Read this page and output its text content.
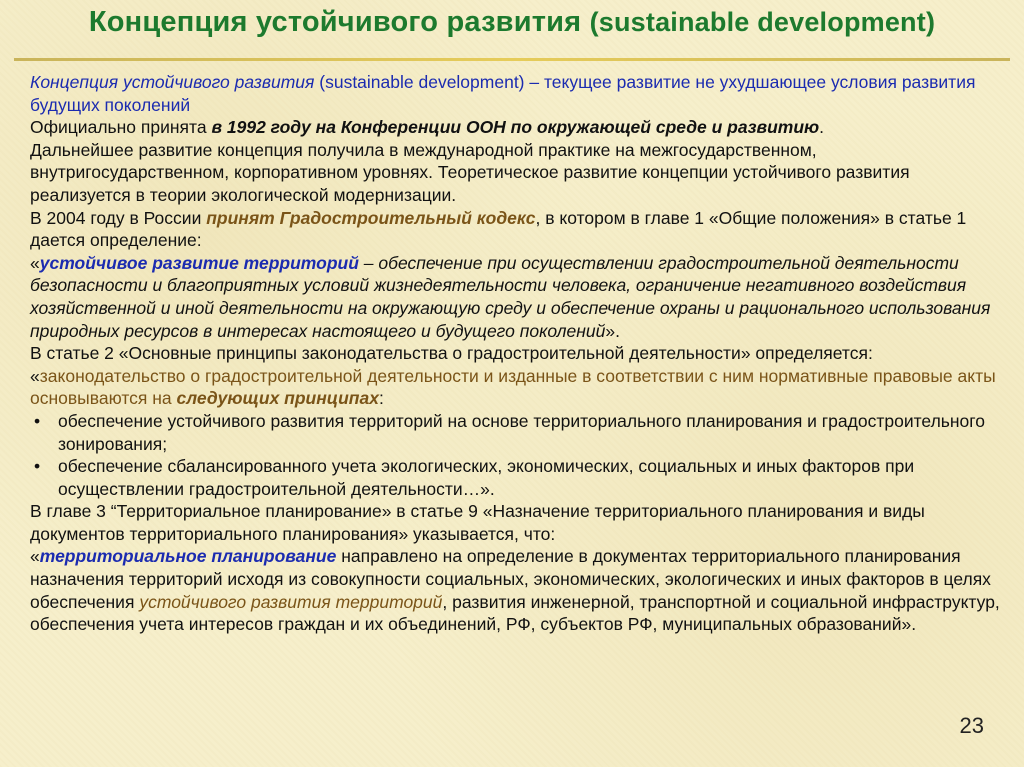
Концепция устойчивого развития (sustainable development)

Концепция устойчивого развития (sustainable development) – текущее развитие не ухудшающее условия развития будущих поколений

Официально принята в 1992 году на Конференции ООН по окружающей среде и развитию.

Дальнейшее развитие концепция получила в международной практике на межгосударственном, внутригосударственном, корпоративном уровнях. Теоретическое развитие концепции устойчивого развития реализуется в теории экологической модернизации.

В 2004 году в России принят Градостроительный кодекс, в котором в главе 1 «Общие положения» в статье 1 дается определение:

«устойчивое развитие территорий – обеспечение при осуществлении градостроительной деятельности безопасности и благоприятных условий жизнедеятельности человека, ограничение негативного воздействия хозяйственной и иной деятельности на окружающую среду и обеспечение охраны и рационального использования природных ресурсов в интересах настоящего и будущего поколений».

В статье 2 «Основные принципы законодательства о градостроительной деятельности» определяется:

«законодательство о градостроительной деятельности и изданные в соответствии с ним нормативные правовые акты основываются на следующих принципах:

• обеспечение устойчивого развития территорий на основе территориального планирования и градостроительного зонирования;
• обеспечение сбалансированного учета экологических, экономических, социальных и иных факторов при осуществлении градостроительной деятельности…».

В главе 3 “Территориальное планирование» в статье 9 «Назначение территориального планирования и виды документов территориального планирования» указывается, что:

«территориальное планирование направлено на определение в документах территориального планирования назначения территорий исходя из совокупности социальных, экономических, экологических и иных факторов в целях обеспечения устойчивого развития территорий, развития инженерной, транспортной и социальной инфраструктур, обеспечения учета интересов граждан и их объединений, РФ, субъектов РФ, муниципальных образований».

23
